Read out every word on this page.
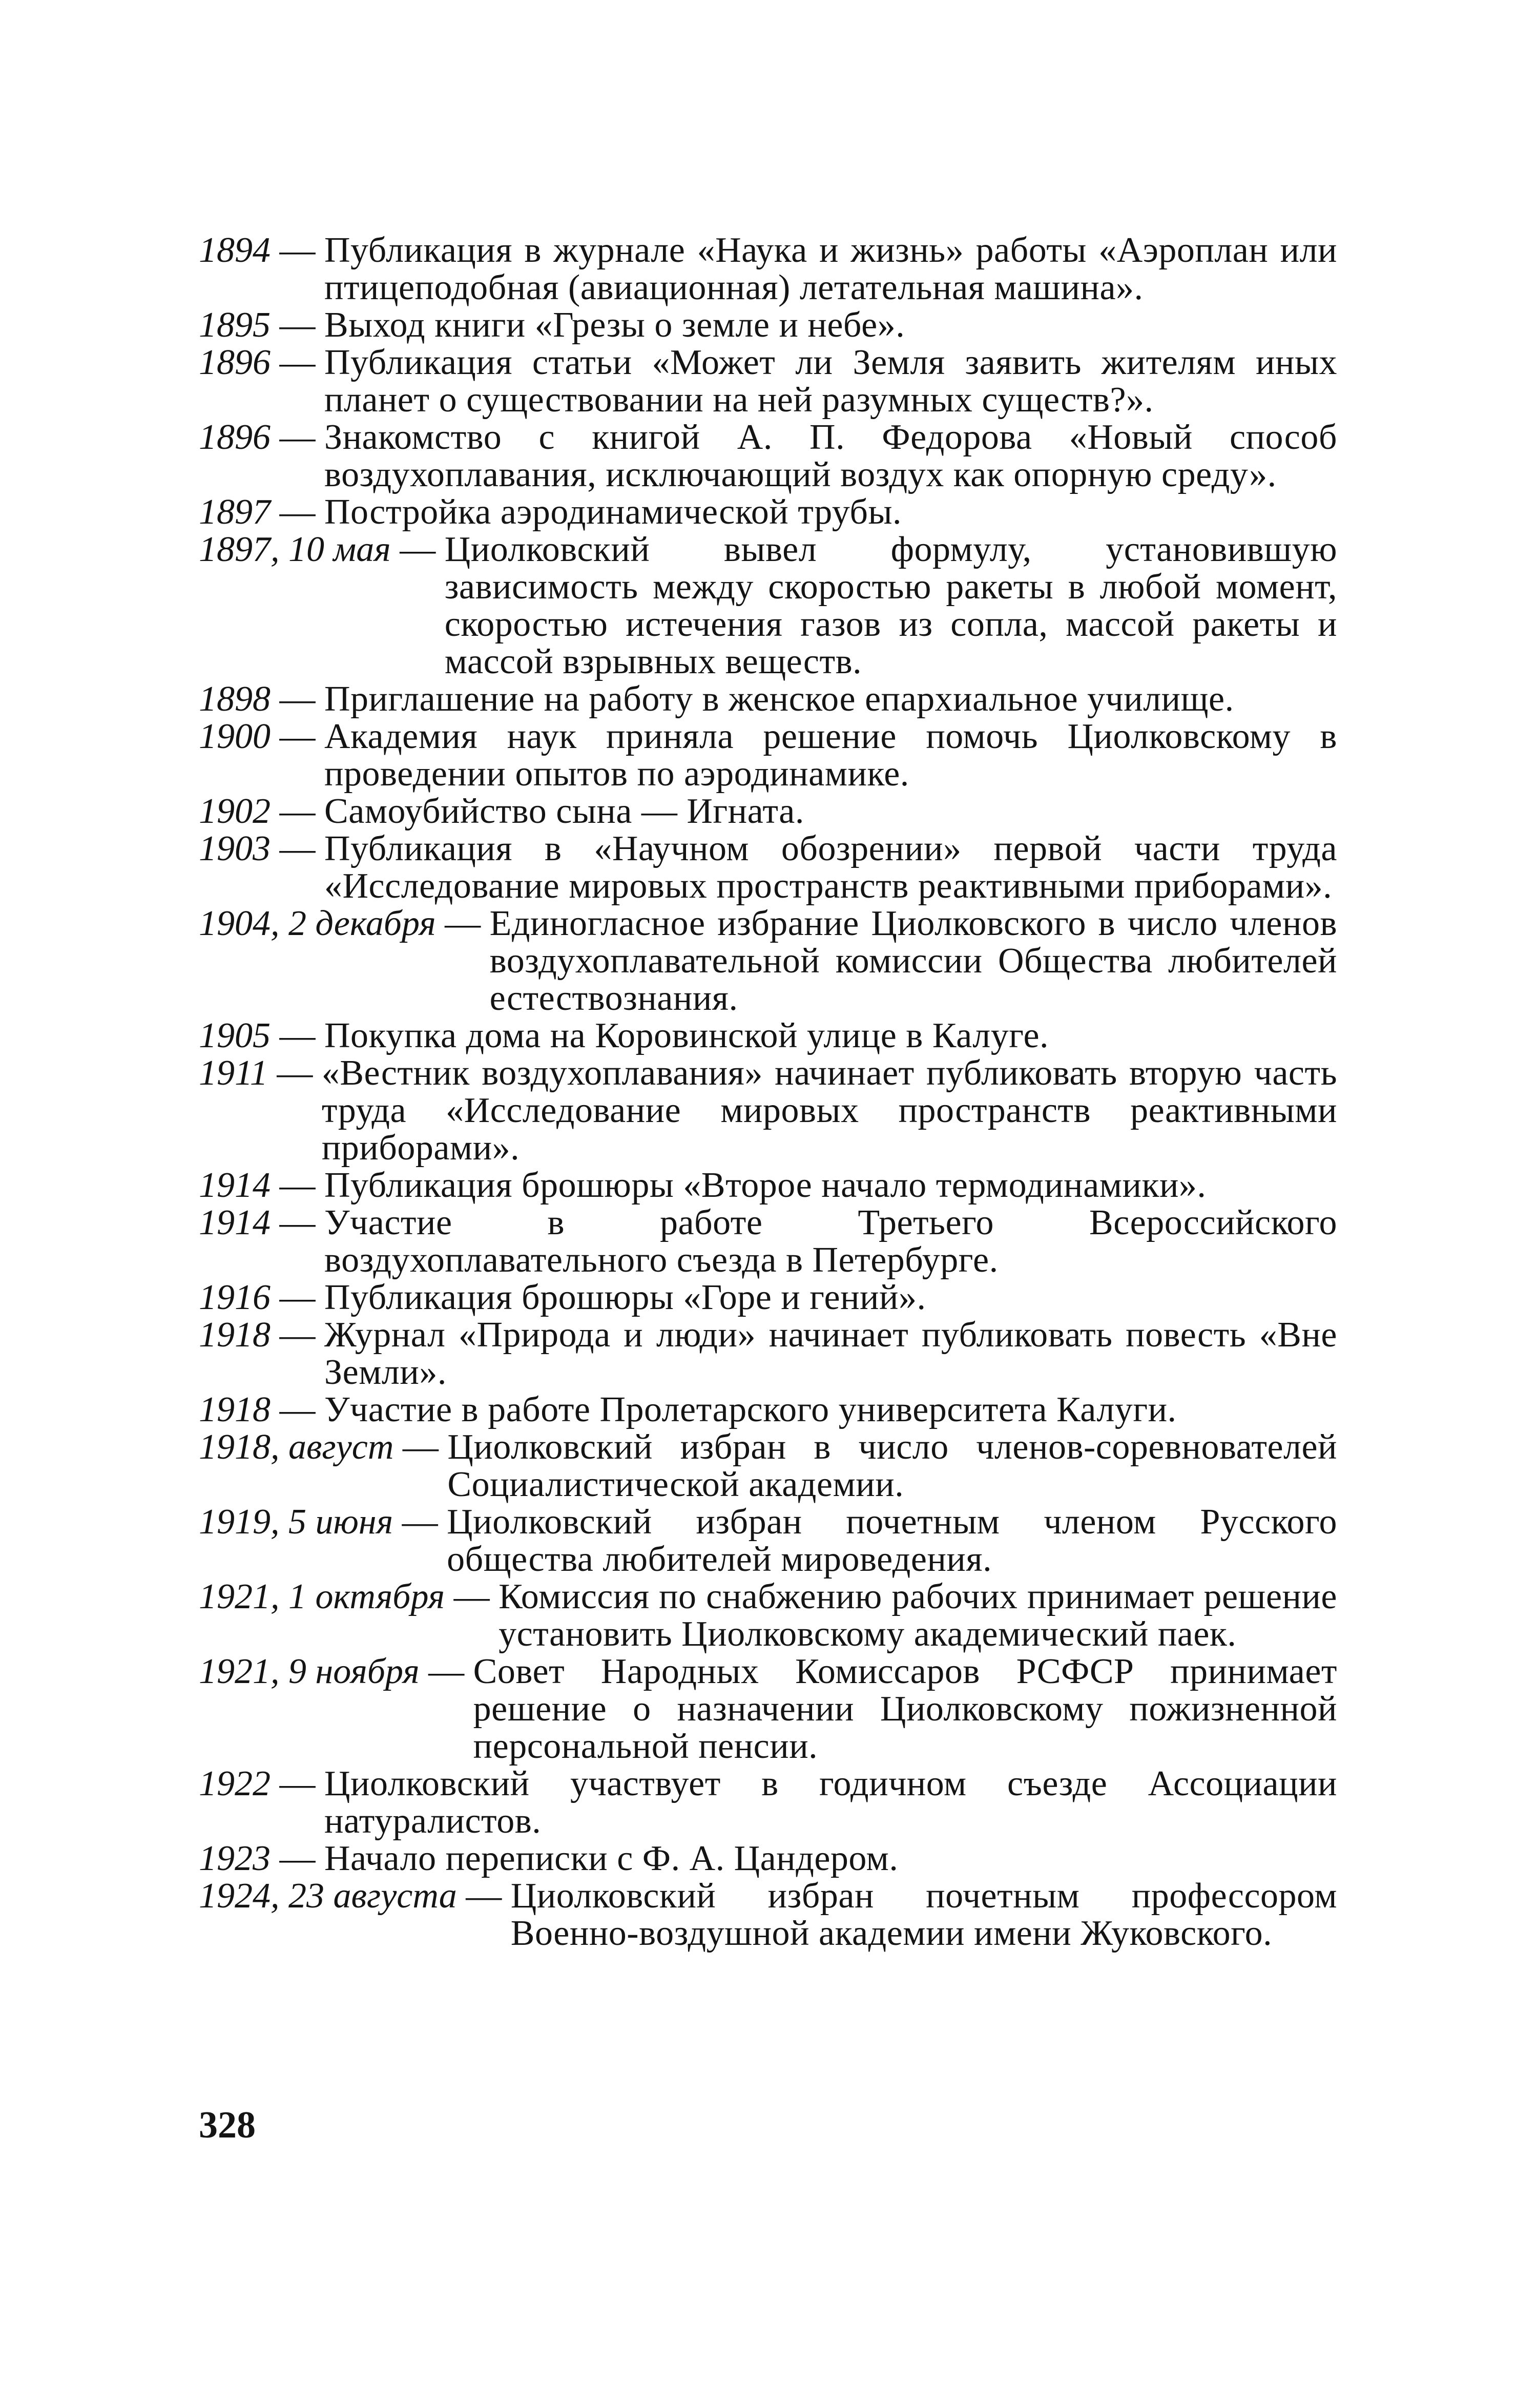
1894 — Публикация в журнале «Наука и жизнь» работы «Аэроплан или птицеподобная (авиационная) летательная машина».
1895 — Выход книги «Грезы о земле и небе».
1896 — Публикация статьи «Может ли Земля заявить жителям иных планет о существовании на ней разумных существ?».
1896 — Знакомство с книгой А. П. Федорова «Новый способ воздухоплавания, исключающий воздух как опорную среду».
1897 — Постройка аэродинамической трубы.
1897, 10 мая — Циолковский вывел формулу, установившую зависимость между скоростью ракеты в любой момент, скоростью истечения газов из сопла, массой ракеты и массой взрывных веществ.
1898 — Приглашение на работу в женское епархиальное училище.
1900 — Академия наук приняла решение помочь Циолковскому в проведении опытов по аэродинамике.
1902 — Самоубийство сына — Игната.
1903 — Публикация в «Научном обозрении» первой части труда «Исследование мировых пространств реактивными приборами».
1904, 2 декабря — Единогласное избрание Циолковского в число членов воздухоплавательной комиссии Общества любителей естествознания.
1905 — Покупка дома на Коровинской улице в Калуге.
1911 — «Вестник воздухоплавания» начинает публиковать вторую часть труда «Исследование мировых пространств реактивными приборами».
1914 — Публикация брошюры «Второе начало термодинамики».
1914 — Участие в работе Третьего Всероссийского воздухоплавательного съезда в Петербурге.
1916 — Публикация брошюры «Горе и гений».
1918 — Журнал «Природа и люди» начинает публиковать повесть «Вне Земли».
1918 — Участие в работе Пролетарского университета Калуги.
1918, август — Циолковский избран в число членов-соревнователей Социалистической академии.
1919, 5 июня — Циолковский избран почетным членом Русского общества любителей мироведения.
1921, 1 октября — Комиссия по снабжению рабочих принимает решение установить Циолковскому академический паек.
1921, 9 ноября — Совет Народных Комиссаров РСФСР принимает решение о назначении Циолковскому пожизненной персональной пенсии.
1922 — Циолковский участвует в годичном съезде Ассоциации натуралистов.
1923 — Начало переписки с Ф. А. Цандером.
1924, 23 августа — Циолковский избран почетным профессором Военно-воздушной академии имени Жуковского.
328
